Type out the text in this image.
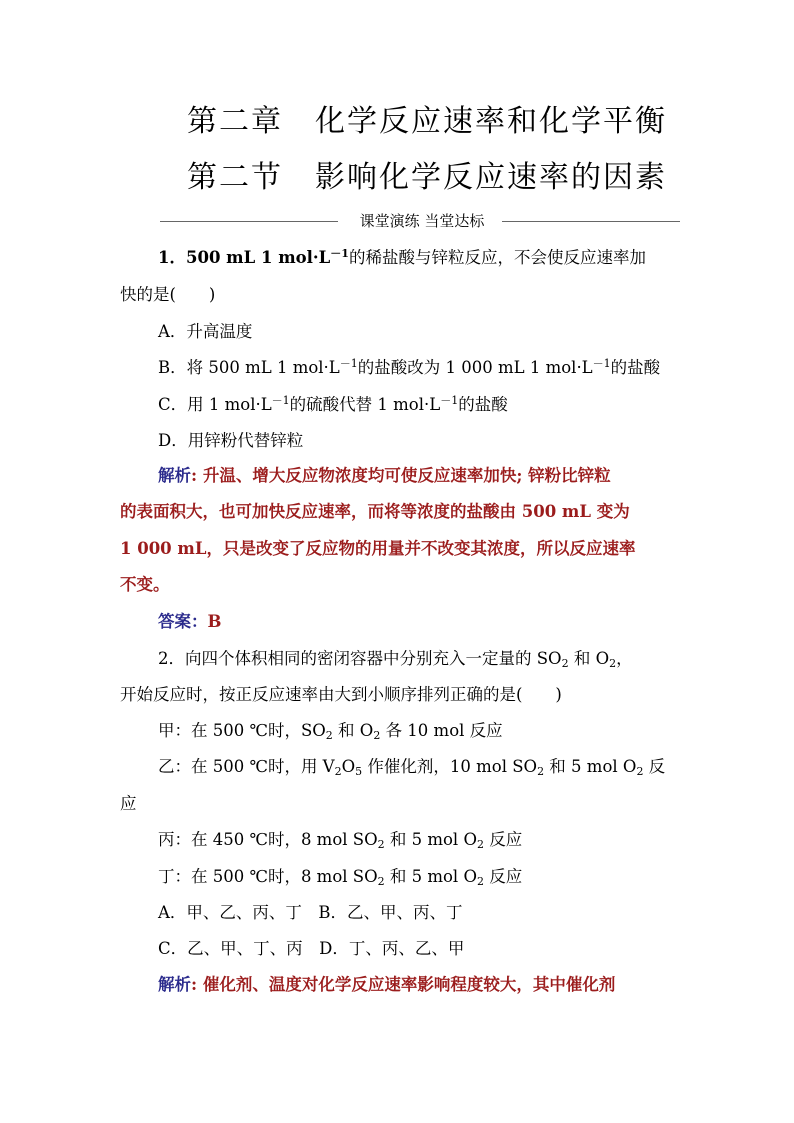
第二章　化学反应速率和化学平衡
第二节　影响化学反应速率的因素
课堂演练 当堂达标
1．500 mL 1 $mol\cdot L^{-1}$的稀盐酸与锌粒反应，不会使反应速率加
快的是(　　)
A．升高温度
B．将 500 mL 1 $mol\cdot L^{-1}$的盐酸改为 1 000 mL 1 $mol\cdot L^{-1}$的盐酸
C．用 1 $mol\cdot L^{-1}$的硫酸代替 1 $mol\cdot L^{-1}$的盐酸
D．用锌粉代替锌粒
解析: 升温、增大反应物浓度均可使反应速率加快; 锌粉比锌粒
的表面积大，也可加快反应速率，而将等浓度的盐酸由 500 mL 变为
1 000 mL，只是改变了反应物的用量并不改变其浓度，所以反应速率
不变。
答案：B
2．向四个体积相同的密闭容器中分别充入一定量的 $SO_2$ 和 $O_2$，
开始反应时，按正反应速率由大到小顺序排列正确的是(　　)
甲：在 500 ℃时，$SO_2$ 和 $O_2$ 各 10 mol 反应
乙：在 500 ℃时，用 $V_2O_5$ 作催化剂，10 mol $SO_2$ 和 5 mol $O_2$ 反
应
丙：在 450 ℃时，8 mol $SO_2$ 和 5 mol $O_2$ 反应
丁：在 500 ℃时，8 mol $SO_2$ 和 5 mol $O_2$ 反应
A．甲、乙、丙、丁　B．乙、甲、丙、丁
C．乙、甲、丁、丙　D．丁、丙、乙、甲
解析: 催化剂、温度对化学反应速率影响程度较大，其中催化剂
